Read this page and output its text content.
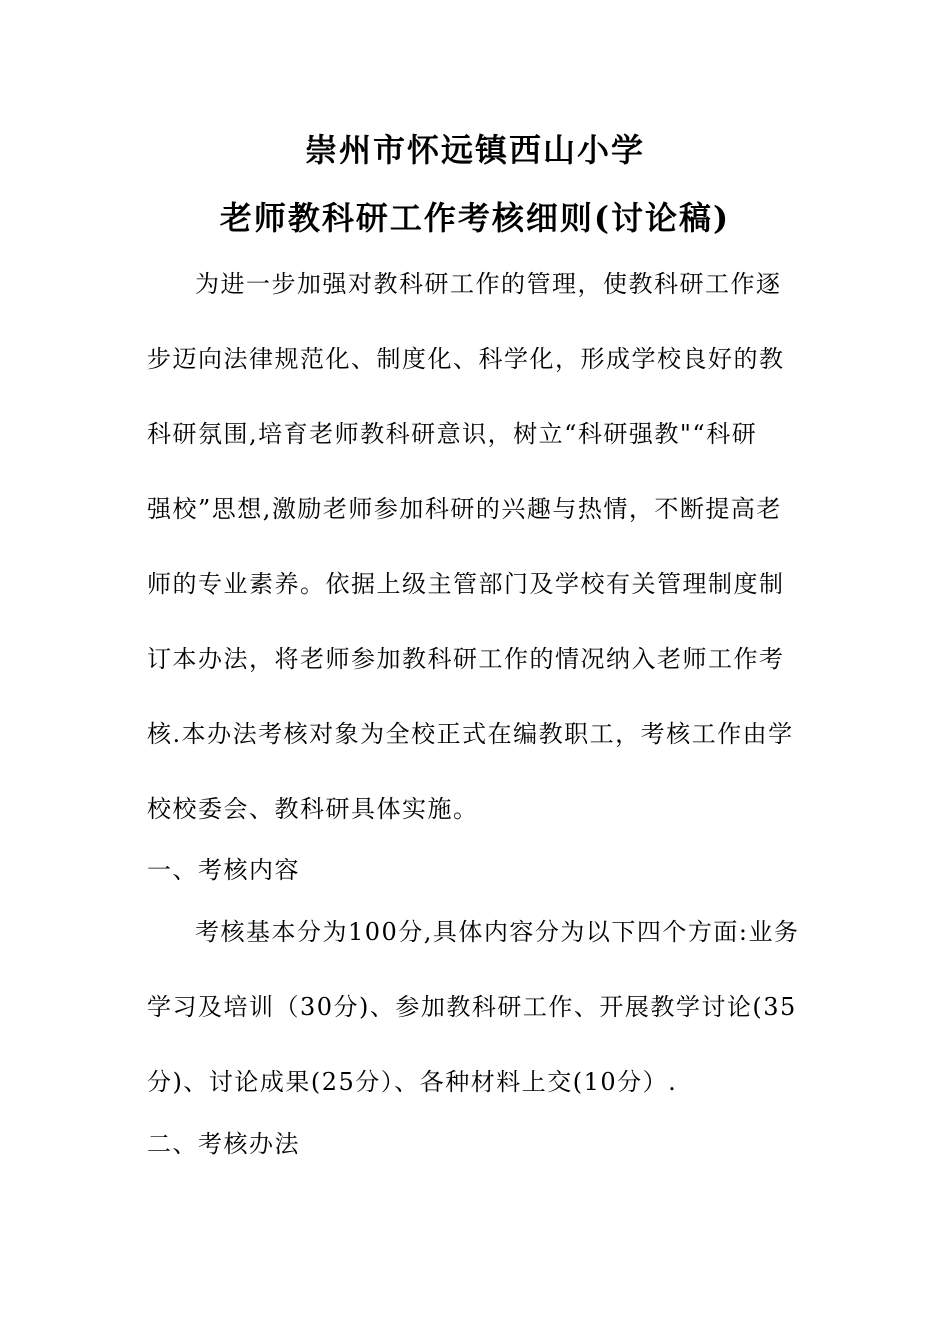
崇州市怀远镇西山小学
老师教科研工作考核细则(讨论稿)
为进一步加强对教科研工作的管理，使教科研工作逐
步迈向法律规范化、制度化、科学化，形成学校良好的教
科研氛围,培育老师教科研意识，树立“科研强教"“科研
强校”思想,激励老师参加科研的兴趣与热情，不断提高老
师的专业素养。依据上级主管部门及学校有关管理制度制
订本办法，将老师参加教科研工作的情况纳入老师工作考
核.本办法考核对象为全校正式在编教职工，考核工作由学
校校委会、教科研具体实施。
一、考核内容
考核基本分为100分,具体内容分为以下四个方面:业务
学习及培训（30分)、参加教科研工作、开展教学讨论(35
分)、讨论成果(25分）、各种材料上交(10分）.
二、考核办法
